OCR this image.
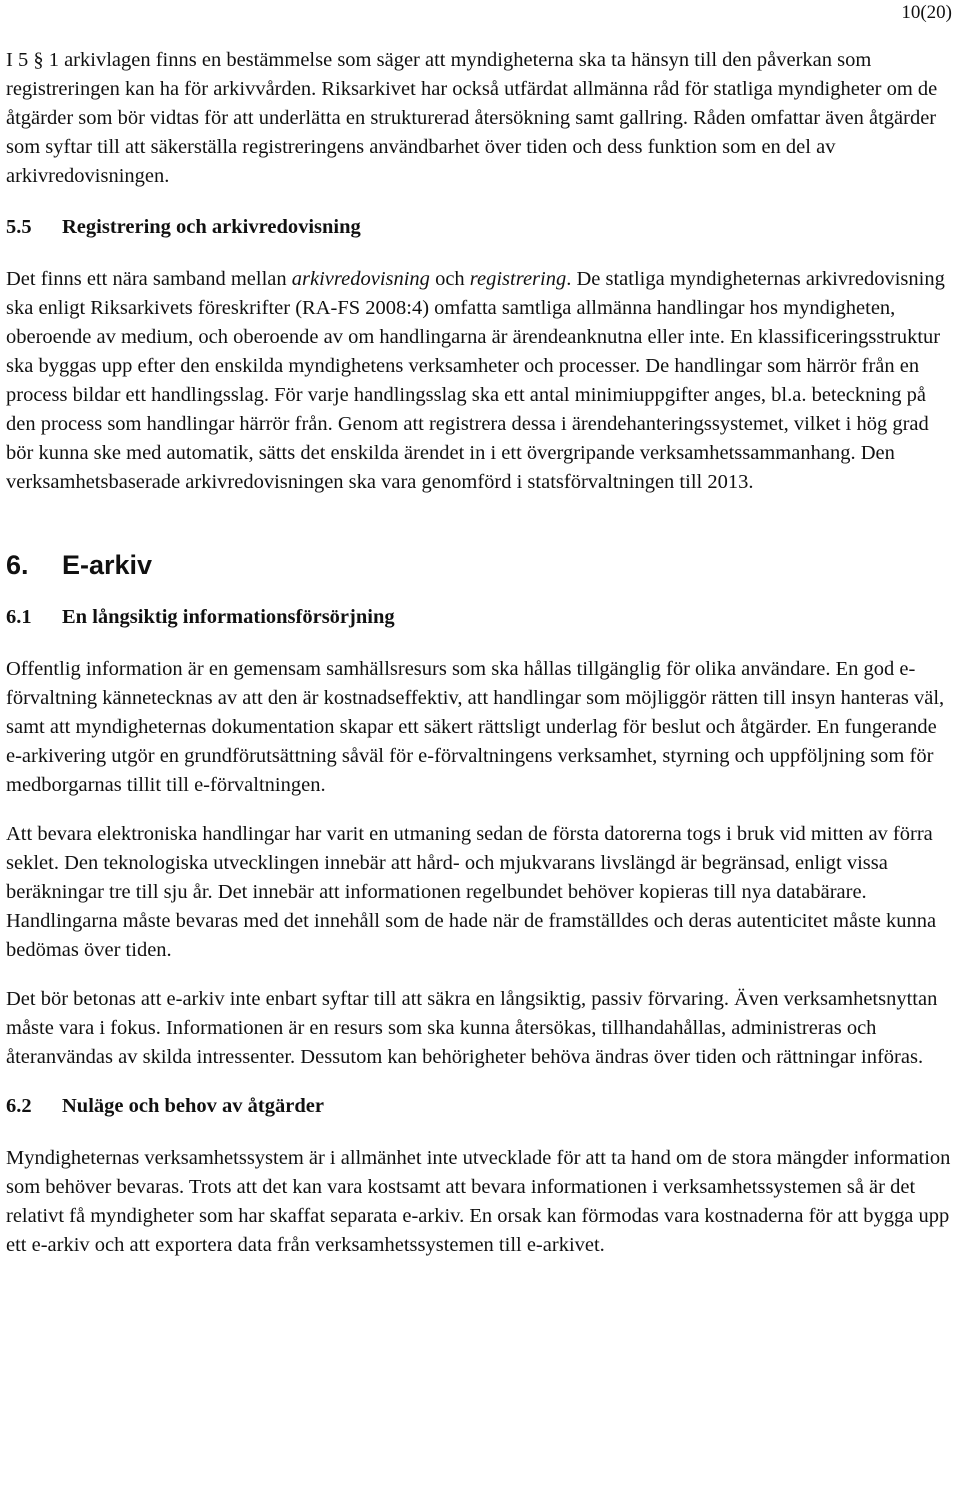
10(20)

I 5 § 1 arkivlagen finns en bestämmelse som säger att myndigheterna ska ta hänsyn till den påverkan som registreringen kan ha för arkivvården. Riksarkivet har också utfärdat allmänna råd för statliga myndigheter om de åtgärder som bör vidtas för att underlätta en strukturerad återsökning samt gallring. Råden omfattar även åtgärder som syftar till att säkerställa registreringens användbarhet över tiden och dess funktion som en del av arkivredovisningen.

5.5	Registrering och arkivredovisning

Det finns ett nära samband mellan arkivredovisning och registrering. De statliga myndigheternas arkivredovisning ska enligt Riksarkivets föreskrifter (RA-FS 2008:4) omfatta samtliga allmänna handlingar hos myndigheten, oberoende av medium, och oberoende av om handlingarna är ärendeanknutna eller inte. En klassificeringsstruktur ska byggas upp efter den enskilda myndighetens verksamheter och processer. De handlingar som härrör från en process bildar ett handlingsslag. För varje handlingsslag ska ett antal minimiuppgifter anges, bl.a. beteckning på den process som handlingar härrör från. Genom att registrera dessa i ärendehanteringssystemet, vilket i hög grad bör kunna ske med automatik, sätts det enskilda ärendet in i ett övergripande verksamhetssammanhang. Den verksamhetsbaserade arkivredovisningen ska vara genomförd i statsförvaltningen till 2013.

6.	E-arkiv
6.1	En långsiktig informationsförsörjning

Offentlig information är en gemensam samhällsresurs som ska hållas tillgänglig för olika användare. En god e-förvaltning kännetecknas av att den är kostnadseffektiv, att handlingar som möjliggör rätten till insyn hanteras väl, samt att myndigheternas dokumentation skapar ett säkert rättsligt underlag för beslut och åtgärder. En fungerande e-arkivering utgör en grundförutsättning såväl för e-förvaltningens verksamhet, styrning och uppföljning som för medborgarnas tillit till e-förvaltningen.

Att bevara elektroniska handlingar har varit en utmaning sedan de första datorerna togs i bruk vid mitten av förra seklet. Den teknologiska utvecklingen innebär att hård- och mjukvarans livslängd är begränsad, enligt vissa beräkningar tre till sju år. Det innebär att informationen regelbundet behöver kopieras till nya databärare. Handlingarna måste bevaras med det innehåll som de hade när de framställdes och deras autenticitet måste kunna bedömas över tiden.

Det bör betonas att e-arkiv inte enbart syftar till att säkra en långsiktig, passiv förvaring. Även verksamhetsnyttan måste vara i fokus. Informationen är en resurs som ska kunna återsökas, tillhandahållas, administreras och återanvändas av skilda intressenter. Dessutom kan behörigheter behöva ändras över tiden och rättningar införas.

6.2	Nuläge och behov av åtgärder

Myndigheternas verksamhetssystem är i allmänhet inte utvecklade för att ta hand om de stora mängder information som behöver bevaras. Trots att det kan vara kostsamt att bevara informationen i verksamhetssystemen så är det relativt få myndigheter som har skaffat separata e-arkiv. En orsak kan förmodas vara kostnaderna för att bygga upp ett e-arkiv och att exportera data från verksamhetssystemen till e-arkivet.
